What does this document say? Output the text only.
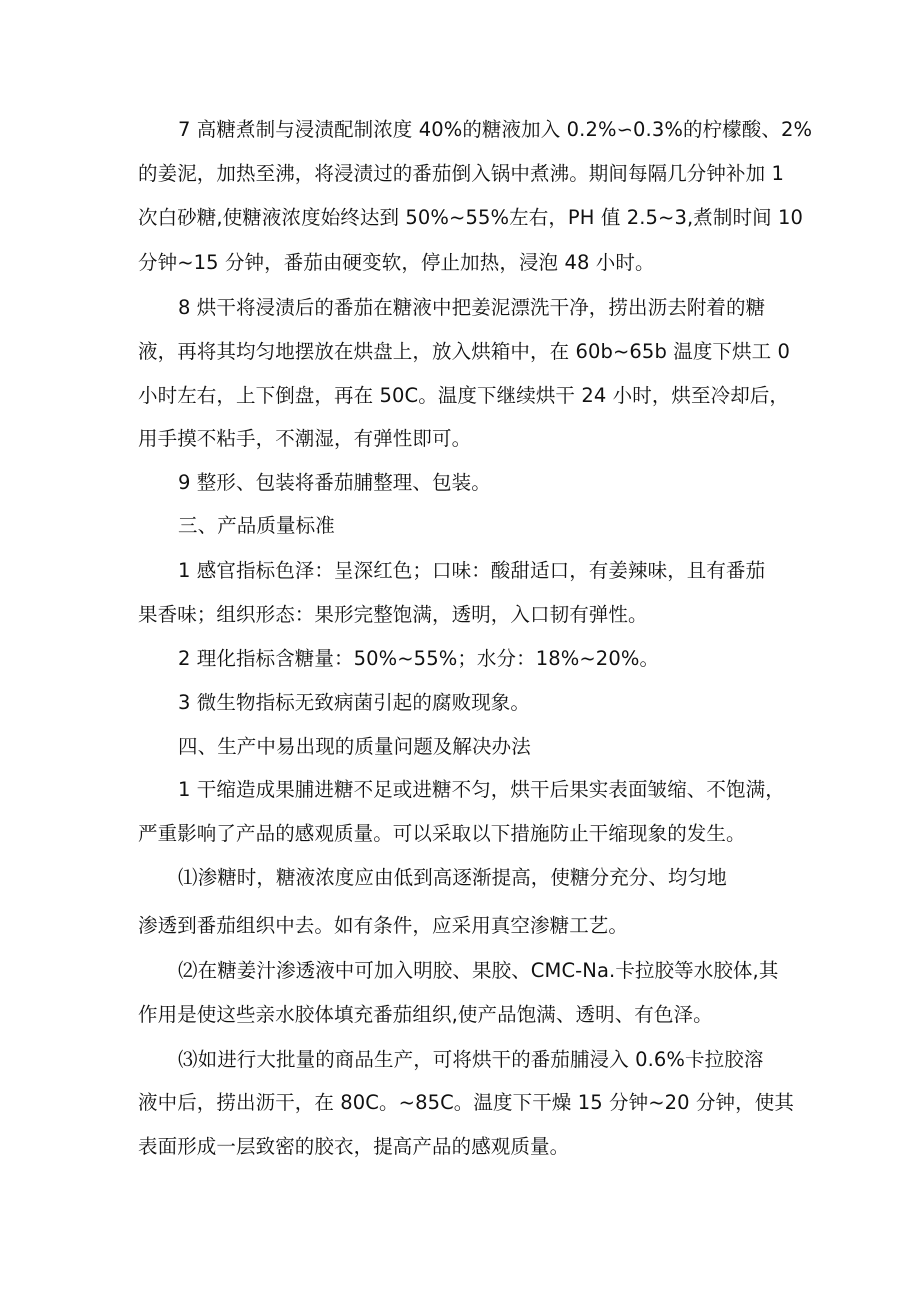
7 高糖煮制与浸渍配制浓度 40%的糖液加入 0.2%∽0.3%的柠檬酸、2%
的姜泥，加热至沸，将浸渍过的番茄倒入锅中煮沸。期间每隔几分钟补加 1
次白砂糖,使糖液浓度始终达到 50%~55%左右，PH 值 2.5~3,煮制时间 10
分钟~15 分钟，番茄由硬变软，停止加热，浸泡 48 小时。
8 烘干将浸渍后的番茄在糖液中把姜泥漂洗干净，捞出沥去附着的糖
液，再将其均匀地摆放在烘盘上，放入烘箱中，在 60b~65b 温度下烘工 0
小时左右，上下倒盘，再在 50C。温度下继续烘干 24 小时，烘至冷却后，
用手摸不粘手，不潮湿，有弹性即可。
9 整形、包装将番茄脯整理、包装。
三、产品质量标准
1 感官指标色泽：呈深红色；口味：酸甜适口，有姜辣味，且有番茄
果香味；组织形态：果形完整饱满，透明，入口韧有弹性。
2 理化指标含糖量：50%~55%；水分：18%~20%。
3 微生物指标无致病菌引起的腐败现象。
四、生产中易出现的质量问题及解决办法
1 干缩造成果脯进糖不足或进糖不匀，烘干后果实表面皱缩、不饱满，
严重影响了产品的感观质量。可以采取以下措施防止干缩现象的发生。
⑴渗糖时，糖液浓度应由低到高逐渐提高，使糖分充分、均匀地
渗透到番茄组织中去。如有条件，应采用真空渗糖工艺。
⑵在糖姜汁渗透液中可加入明胶、果胶、CMC-Na.卡拉胶等水胶体,其
作用是使这些亲水胶体填充番茄组织,使产品饱满、透明、有色泽。
⑶如进行大批量的商品生产，可将烘干的番茄脯浸入 0.6%卡拉胶溶
液中后，捞出沥干，在 80C。~85C。温度下干燥 15 分钟~20 分钟，使其
表面形成一层致密的胶衣，提高产品的感观质量。
